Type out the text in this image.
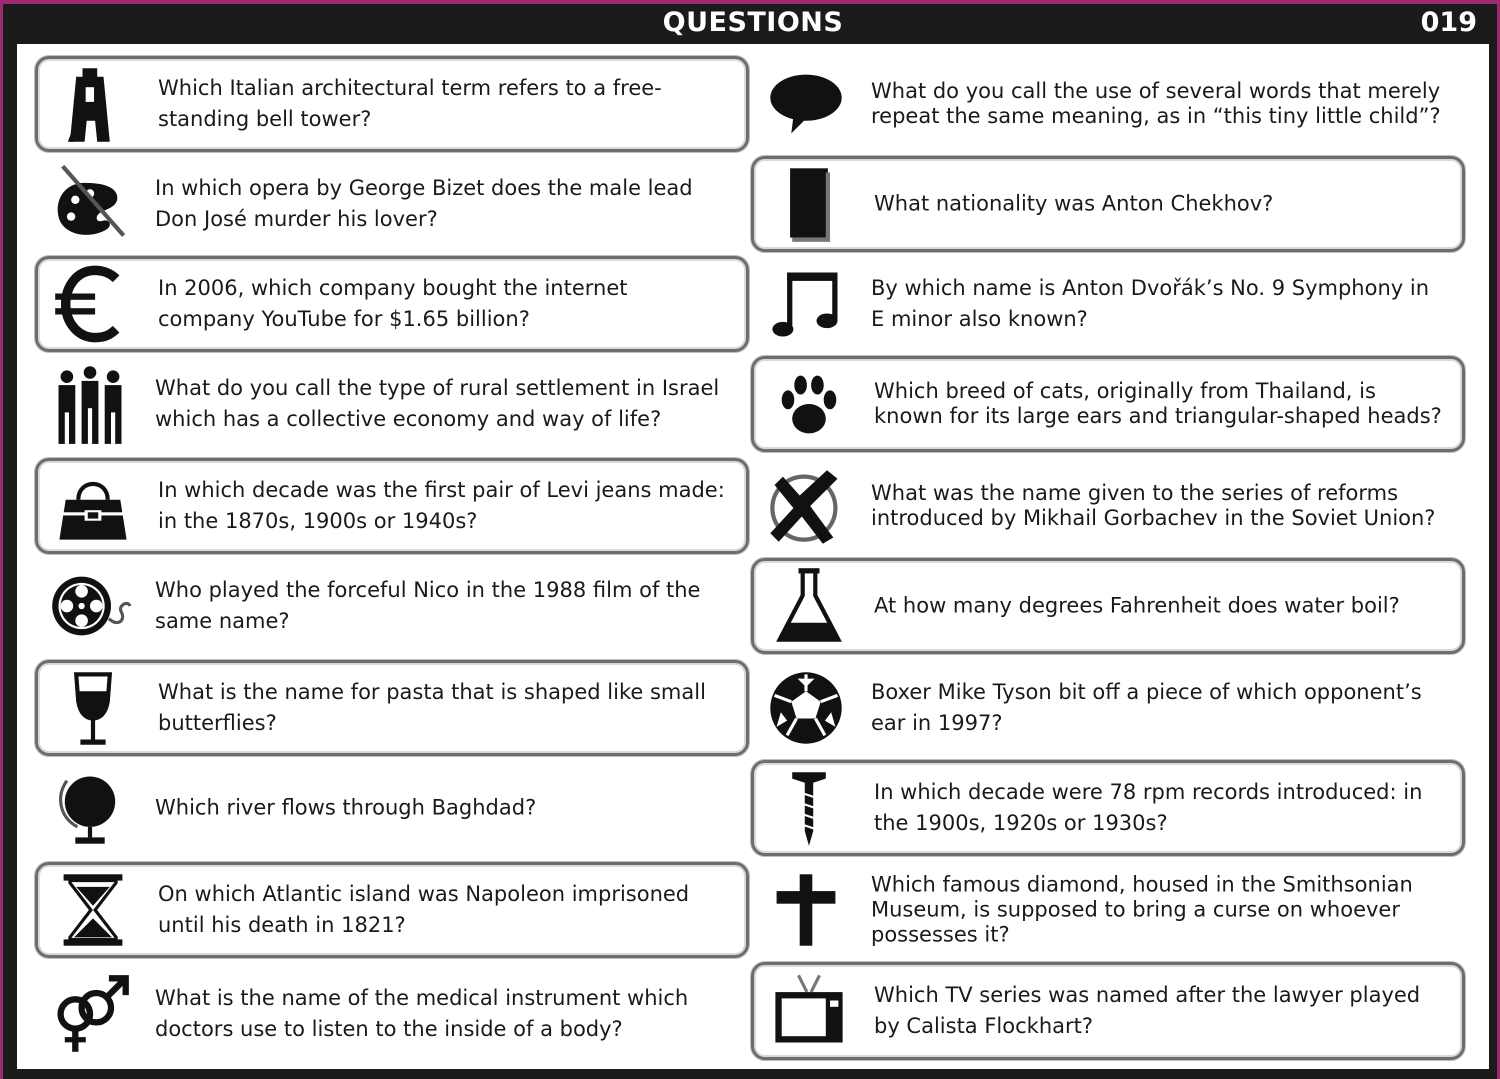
QUESTIONS	019
Which Italian architectural term refers to a free-standing bell tower?
In which opera by George Bizet does the male lead Don José murder his lover?
In 2006, which company bought the internet company YouTube for $1.65 billion?
What do you call the type of rural settlement in Israel which has a collective economy and way of life?
In which decade was the first pair of Levi jeans made: in the 1870s, 1900s or 1940s?
Who played the forceful Nico in the 1988 film of the same name?
What is the name for pasta that is shaped like small butterflies?
Which river flows through Baghdad?
On which Atlantic island was Napoleon imprisoned until his death in 1821?
What is the name of the medical instrument which doctors use to listen to the inside of a body?
What do you call the use of several words that merely repeat the same meaning, as in “this tiny little child”?
What nationality was Anton Chekhov?
By which name is Anton Dvořák’s No. 9 Symphony in E minor also known?
Which breed of cats, originally from Thailand, is known for its large ears and triangular-shaped heads?
What was the name given to the series of reforms introduced by Mikhail Gorbachev in the Soviet Union?
At how many degrees Fahrenheit does water boil?
Boxer Mike Tyson bit off a piece of which opponent’s ear in 1997?
In which decade were 78 rpm records introduced: in the 1900s, 1920s or 1930s?
Which famous diamond, housed in the Smithsonian Museum, is supposed to bring a curse on whoever possesses it?
Which TV series was named after the lawyer played by Calista Flockhart?
